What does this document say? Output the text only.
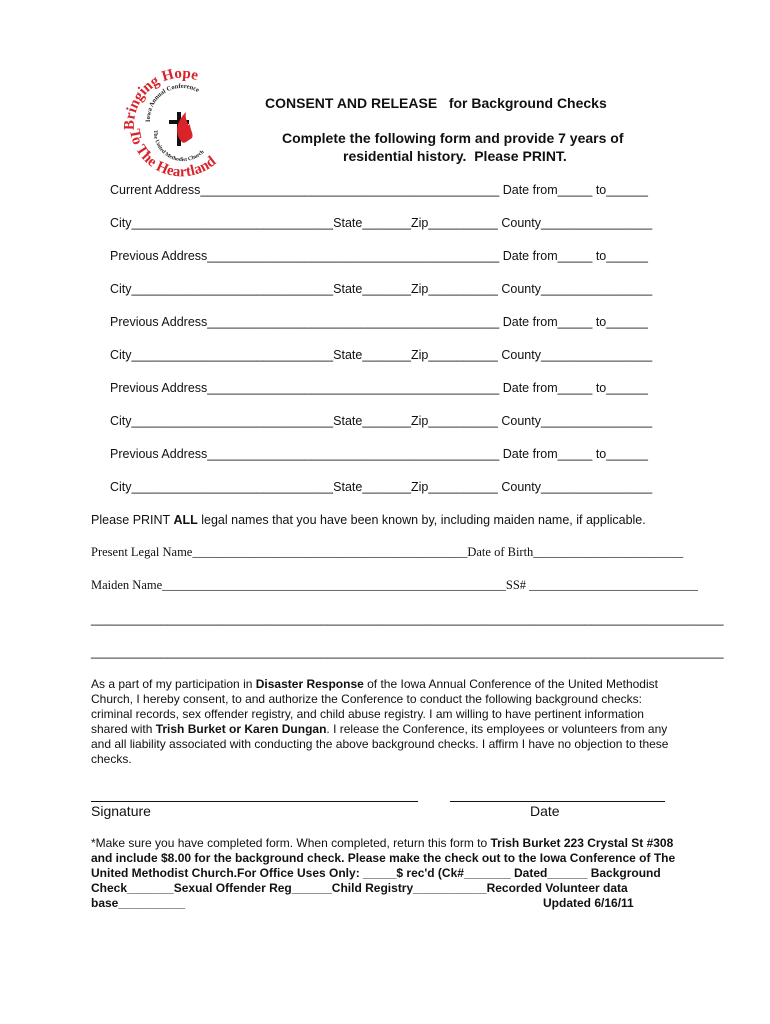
Bringing Hope
Iowa Annual Conference
The United Methodist Church
To The Heartland
CONSENT AND RELEASE   for Background Checks
Complete the following form and provide 7 years of
residential history.  Please PRINT.
Current Address___________________________________________ Date from_____ to______
City_____________________________State_______Zip__________ County________________
Previous Address__________________________________________ Date from_____ to______
City_____________________________State_______Zip__________ County________________
Previous Address__________________________________________ Date from_____ to______
City_____________________________State_______Zip__________ County________________
Previous Address__________________________________________ Date from_____ to______
City_____________________________State_______Zip__________ County________________
Previous Address__________________________________________ Date from_____ to______
City_____________________________State_______Zip__________ County________________
Please PRINT ALL legal names that you have been known by, including maiden name, if applicable.
Present Legal Name____________________________________________Date of Birth________________________
Maiden Name_______________________________________________________SS# ___________________________
___________________________________________________________________________________________
___________________________________________________________________________________________
As a part of my participation in Disaster Response of the Iowa Annual Conference of the United Methodist Church, I hereby consent, to and authorize the Conference to conduct the following background checks: criminal records, sex offender registry, and child abuse registry. I am willing to have pertinent information shared with Trish Burket or Karen Dungan. I release the Conference, its employees or volunteers from any and all liability associated with conducting the above background checks. I affirm I have no objection to these checks.
Signature	Date
*Make sure you have completed form. When completed, return this form to Trish Burket 223 Crystal St #308 and include $8.00 for the background check. Please make the check out to the Iowa Conference of The United Methodist Church.For Office Uses Only: _____$ rec'd (Ck#_______ Dated______ Background Check_______Sexual Offender Reg______Child Registry___________Recorded Volunteer data base__________	Updated 6/16/11
